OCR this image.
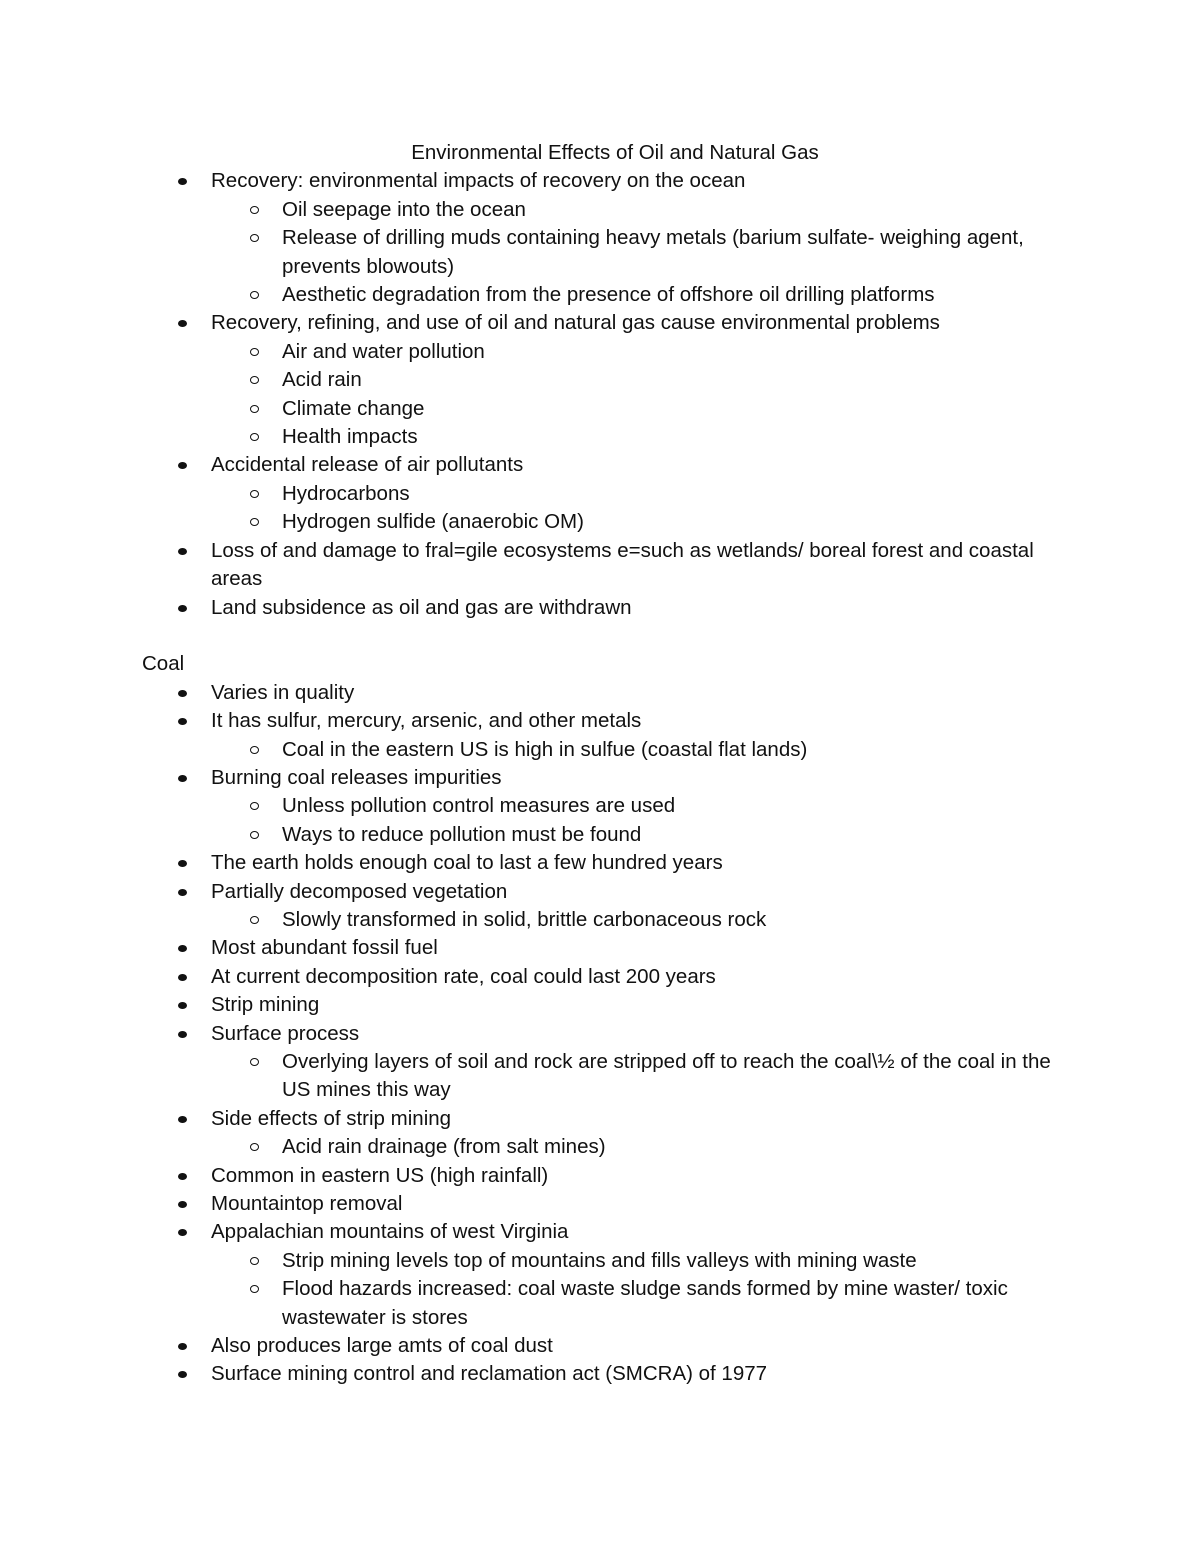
Environmental Effects of Oil and Natural Gas
Recovery: environmental impacts of recovery on the ocean
Oil seepage into the ocean
Release of drilling muds containing heavy metals (barium sulfate- weighing agent, prevents blowouts)
Aesthetic degradation from the presence of offshore oil drilling platforms
Recovery, refining, and use of oil and natural gas cause environmental problems
Air and water pollution
Acid rain
Climate change
Health impacts
Accidental release of air pollutants
Hydrocarbons
Hydrogen sulfide (anaerobic OM)
Loss of and damage to fral=gile ecosystems e=such as wetlands/ boreal forest and coastal areas
Land subsidence as oil and gas are withdrawn
Coal
Varies in quality
It has sulfur, mercury, arsenic, and other metals
Coal in the eastern US is high in sulfue (coastal flat lands)
Burning coal releases impurities
Unless pollution control measures are used
Ways to reduce pollution must be found
The earth holds enough coal to last a few hundred years
Partially decomposed vegetation
Slowly transformed in solid, brittle carbonaceous rock
Most abundant fossil fuel
At current decomposition rate, coal could last 200 years
Strip mining
Surface process
Overlying layers of soil and rock are stripped off to reach the coal\½ of the coal in the US mines this way
Side effects of strip mining
Acid rain drainage (from salt mines)
Common in eastern US (high rainfall)
Mountaintop removal
Appalachian mountains of west Virginia
Strip mining levels top of mountains and fills valleys with mining waste
Flood hazards increased: coal waste sludge sands formed by mine waster/ toxic wastewater is stores
Also produces large amts of coal dust
Surface mining control and reclamation act (SMCRA) of 1977
